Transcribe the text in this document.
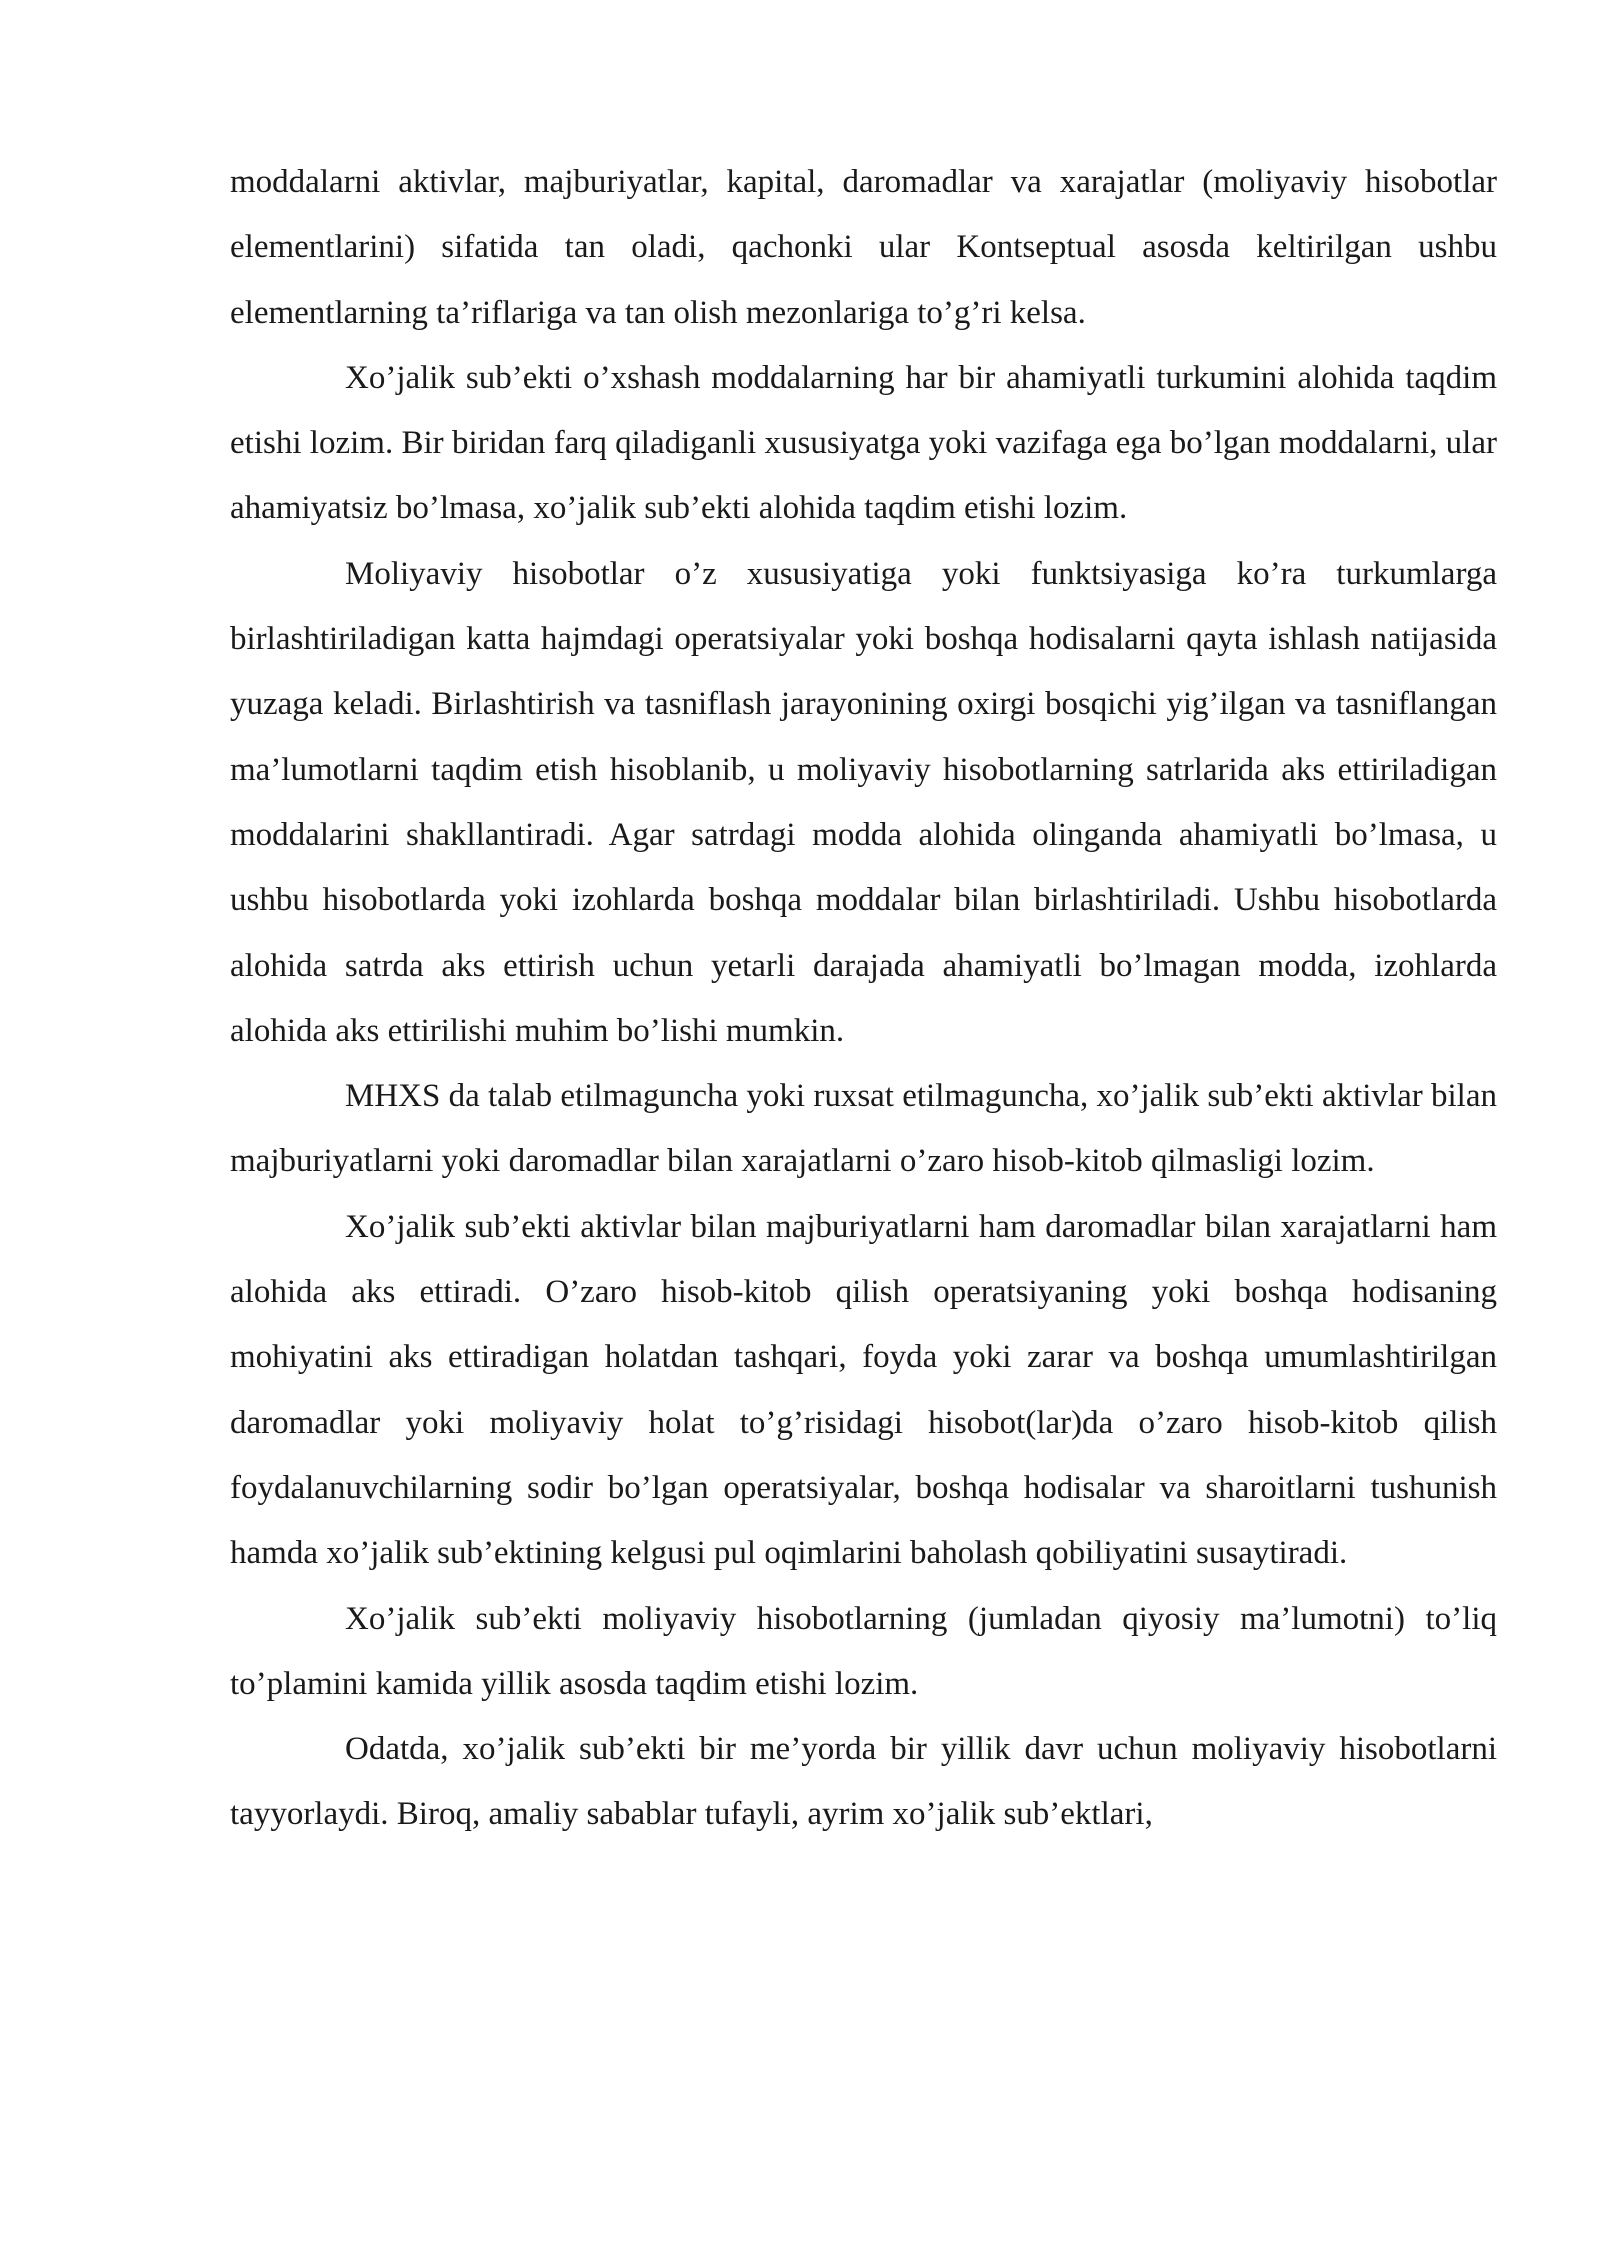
moddalarni aktivlar, majburiyatlar, kapital, daromadlar va xarajatlar (moliyaviy hisobotlar elementlarini) sifatida tan oladi, qachonki ular Kontseptual asosda keltirilgan ushbu elementlarning ta’riflariga va tan olish mezonlariga to’g’ri kelsa.

Xo’jalik sub’ekti o’xshash moddalarning har bir ahamiyatli turkumini alohida taqdim etishi lozim. Bir biridan farq qiladiganli xususiyatga yoki vazifaga ega bo’lgan moddalarni, ular ahamiyatsiz bo’lmasa, xo’jalik sub’ekti alohida taqdim etishi lozim.

Moliyaviy hisobotlar o’z xususiyatiga yoki funktsiyasiga ko’ra turkumlarga birlashtiriladigan katta hajmdagi operatsiyalar yoki boshqa hodisalarni qayta ishlash natijasida yuzaga keladi. Birlashtirish va tasniflash jarayonining oxirgi bosqichi yig’ilgan va tasniflangan ma’lumotlarni taqdim etish hisoblanib, u moliyaviy hisobotlarning satrlarida aks ettiriladigan moddalarini shakllantiradi. Agar satrdagi modda alohida olinganda ahamiyatli bo’lmasa, u ushbu hisobotlarda yoki izohlarda boshqa moddalar bilan birlashtiriladi. Ushbu hisobotlarda alohida satrda aks ettirish uchun yetarli darajada ahamiyatli bo’lmagan modda, izohlarda alohida aks ettirilishi muhim bo’lishi mumkin.

MHXS da talab etilmaguncha yoki ruxsat etilmaguncha, xo’jalik sub’ekti aktivlar bilan majburiyatlarni yoki daromadlar bilan xarajatlarni o’zaro hisob-kitob qilmasligi lozim.

Xo’jalik sub’ekti aktivlar bilan majburiyatlarni ham daromadlar bilan xarajatlarni ham alohida aks ettiradi. O’zaro hisob-kitob qilish operatsiyaning yoki boshqa hodisaning mohiyatini aks ettiradigan holatdan tashqari, foyda yoki zarar va boshqa umumlashtirilgan daromadlar yoki moliyaviy holat to’g’risidagi hisobot(lar)da o’zaro hisob-kitob qilish foydalanuvchilarning sodir bo’lgan operatsiyalar, boshqa hodisalar va sharoitlarni tushunish hamda xo’jalik sub’ektining kelgusi pul oqimlarini baholash qobiliyatini susaytiradi.

Xo’jalik sub’ekti moliyaviy hisobotlarning (jumladan qiyosiy ma’lumotni) to’liq to’plamini kamida yillik asosda taqdim etishi lozim.

Odatda, xo’jalik sub’ekti bir me’yorda bir yillik davr uchun moliyaviy hisobotlarni tayyorlaydi. Biroq, amaliy sabablar tufayli, ayrim xo’jalik sub’ektlari,
